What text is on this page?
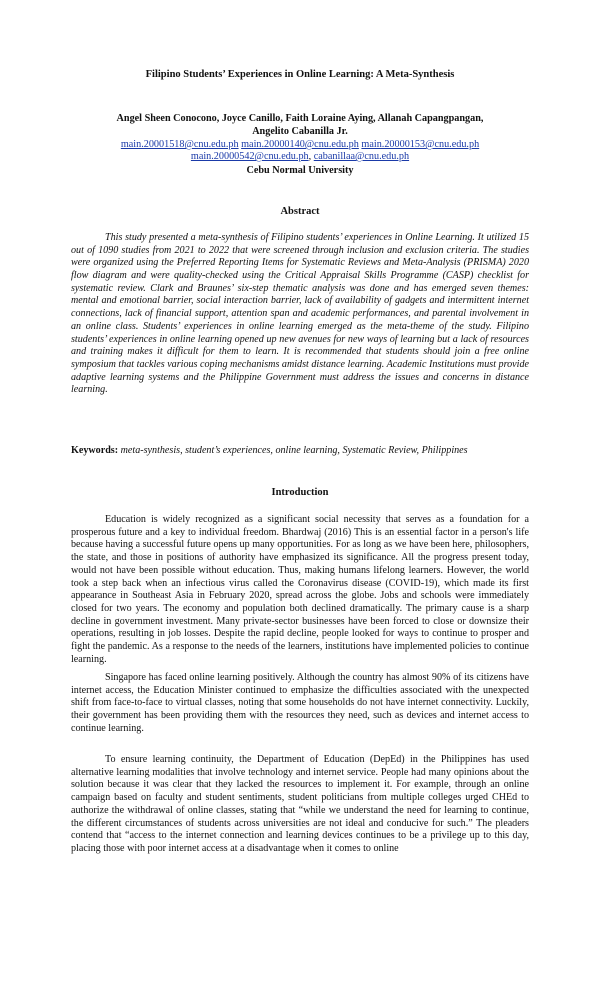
Filipino Students’ Experiences in Online Learning: A Meta-Synthesis
Angel Sheen Conocono, Joyce Canillo, Faith Loraine Aying, Allanah Capangpangan,
Angelito Cabanilla Jr.
main.20001518@cnu.edu.ph main.20000140@cnu.edu.ph main.20000153@cnu.edu.ph
main.20000542@cnu.edu.ph, cabanillaa@cnu.edu.ph
Cebu Normal University
Abstract

This study presented a meta-synthesis of Filipino students’ experiences in Online Learning. It utilized 15 out of 1090 studies from 2021 to 2022 that were screened through inclusion and exclusion criteria. The studies were organized using the Preferred Reporting Items for Systematic Reviews and Meta-Analysis (PRISMA) 2020 flow diagram and were quality-checked using the Critical Appraisal Skills Programme (CASP) checklist for systematic review. Clark and Braunes’ six-step thematic analysis was done and has emerged seven themes: mental and emotional barrier, social interaction barrier, lack of availability of gadgets and intermittent internet connections, lack of financial support, attention span and academic performances, and parental involvement in an online class. Students’ experiences in online learning emerged as the meta-theme of the study. Filipino students’ experiences in online learning opened up new avenues for new ways of learning but a lack of resources and training makes it difficult for them to learn. It is recommended that students should join a free online symposium that tackles various coping mechanisms amidst distance learning. Academic Institutions must provide adaptive learning systems and the Philippine Government must address the issues and concerns in distance learning.

Keywords: meta-synthesis, student’s experiences, online learning, Systematic Review, Philippines

Introduction

Education is widely recognized as a significant social necessity that serves as a foundation for a prosperous future and a key to individual freedom. Bhardwaj (2016) This is an essential factor in a person's life because having a successful future opens up many opportunities. For as long as we have been here, philosophers, the state, and those in positions of authority have emphasized its significance. All the progress present today, would not have been possible without education. Thus, making humans lifelong learners. However, the world took a step back when an infectious virus called the Coronavirus disease (COVID-19), which made its first appearance in Southeast Asia in February 2020, spread across the globe. Jobs and schools were immediately closed for two years. The economy and population both declined dramatically. The primary cause is a sharp decline in government investment. Many private-sector businesses have been forced to close or downsize their operations, resulting in job losses. Despite the rapid decline, people looked for ways to continue to prosper and fight the pandemic. As a response to the needs of the learners, institutions have implemented policies to continue learning.

Singapore has faced online learning positively. Although the country has almost 90% of its citizens have internet access, the Education Minister continued to emphasize the difficulties associated with the unexpected shift from face-to-face to virtual classes, noting that some households do not have internet connectivity. Luckily, their government has been providing them with the resources they need, such as devices and internet access to continue learning.

To ensure learning continuity, the Department of Education (DepEd) in the Philippines has used alternative learning modalities that involve technology and internet service. People had many opinions about the solution because it was clear that they lacked the resources to implement it. For example, through an online campaign based on faculty and student sentiments, student politicians from multiple colleges urged CHEd to authorize the withdrawal of online classes, stating that “while we understand the need for learning to continue, the different circumstances of students across universities are not ideal and conducive for such.” The pleaders contend that “access to the internet connection and learning devices continues to be a privilege up to this day, placing those with poor internet access at a disadvantage when it comes to online
